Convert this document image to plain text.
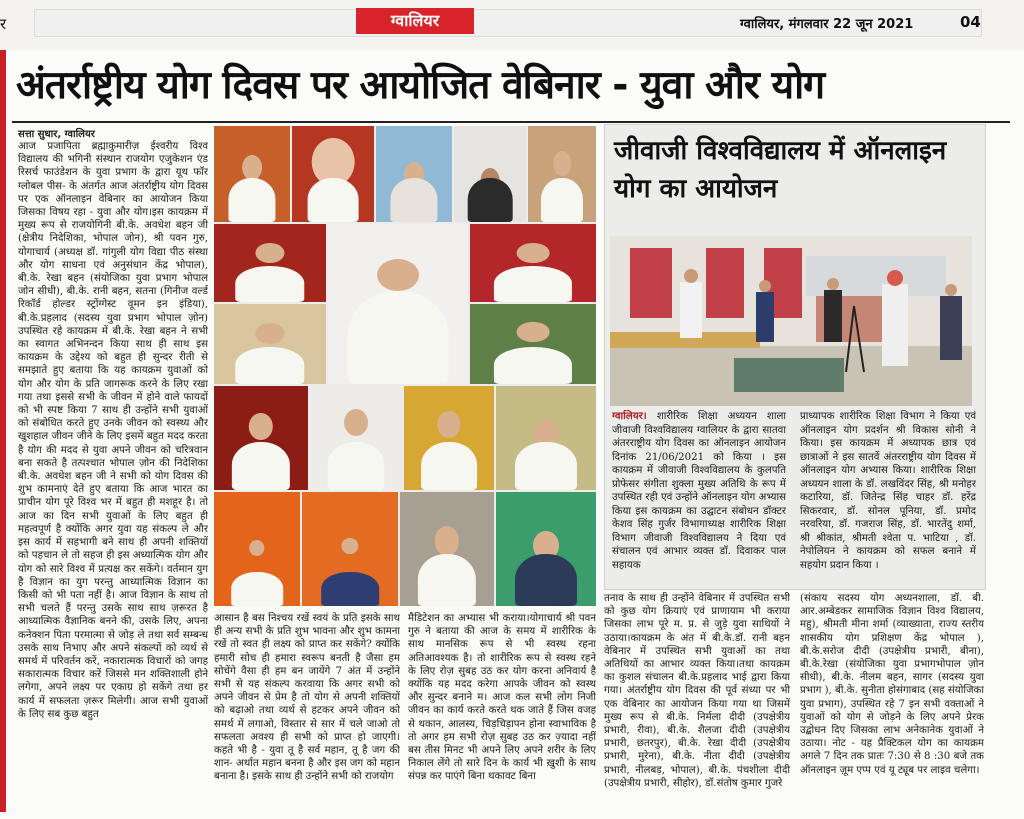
र	ग्वालियर	ग्वालियर, मंगलवार 22 जून 2021	04
अंतर्राष्ट्रीय योग दिवस पर आयोजित वेबिनार - युवा और योग
सत्ता सुधार, ग्वालियर
आज प्रजापिता ब्रह्माकुमारीज़ ईश्वरीय विश्व विद्यालय की भगिनी संस्थान राजयोग एजुकेशन एंड रिसर्च फाउंडेशन के युवा प्रभाग के द्वारा यूथ फॉर ग्लोबल पीस- के अंतर्गत आज अंतर्राष्ट्रीय योग दिवस पर एक ऑनलाइन वेबिनार का आयोजन किया जिसका विषय रहा - युवा और योग।इस कायक्रम में मुख्य रूप से राजयोगिनी बी.के. अवधेश बहन जी (क्षेत्रीय निदेशिका, भोपाल जोन), श्री पवन गुरु, योगाचार्य (अध्यक्ष डॉ. गांगुली योग विद्या पीठ संस्था और योग साधना एवं अनुसंधान केंद्र भोपाल), बी.के. रेखा बहन (संयोजिका युवा प्रभाग भोपाल जोन सीधी), बी.के. रानी बहन, सतना (गिनीज वर्ल्ड रिकॉर्ड होल्डर स्ट्रोंग्गेस्ट वूमन इन इंडिया), बी.के.प्रहलाद (सदस्य युवा प्रभाग भोपाल ज़ोन) उपस्थित रहे कायक्रम में बी.के. रेखा बहन ने सभी का स्वागत अभिनन्दन किया साथ ही साथ इस कायक्रम के उद्देश्य को बहुत ही सुन्दर रीती से समझाते हुए बताया कि यह कायक्रम युवाओं को योग और योग के प्रति जागरूक करने के लिए रखा गया तथा इससे सभी के जीवन में होने वाले फायदों को भी स्पष्ट किया 7 साथ ही उन्होंने सभी युवाओं को संबोधित करते हुए उनके जीवन को स्वस्थ्य और खुशहाल जीवन जीने के लिए इसमें बहुत मदद करता है योग की मदद से युवा अपने जीवन को चरित्रवान बना सकते है तत्पश्चात भोपाल ज़ोन की निदेशिका बी.के. अवधेश बहन जी ने सभी को योग दिवस की शुभ कामनाएं देते हुए बताया कि आज भारत का प्राचीन योग पूरे विश्व भर में बहुत ही मशहूर है। तो आज का दिन सभी युवाओं के लिए बहुत ही महत्वपूर्ण है क्योंकि अगर युवा यह संकल्प ले और इस कार्य में सहभागी बने साथ ही अपनी शक्तियों को पहचान ले तो सहज ही इस अध्यात्मिक योग और योग को सारे विश्व में प्रत्यक्ष कर सकेंगे। वर्तमान युग है विज्ञान का युग परन्तु आध्यात्मिक विज्ञान का किसी को भी पता नहीं है। आज विज्ञान के साथ तो सभी चलते हैं परन्तु उसके साथ साथ ज़रूरत है आध्यात्मिक वैज्ञानिक बनने की, उसके लिए, अपना कनेक्शन पिता परमात्मा से जोड़ ले तथा सर्व सम्बन्ध उसके साथ निभाए और अपने संकल्पों को व्यर्थ से समर्थ में परिवर्तन करें, नकारात्मक विचारों को जगह सकारात्मक विचार करें जिससे मन शक्तिशाली होने लगेगा, अपने लक्ष्य पर एकाग्र हो सकेंगे तथा हर कार्य में सफलता ज़रूर मिलेगी। आज सभी युवाओं के लिए सब कुछ बहुत
आसान है बस निश्चय रखें स्वयं के प्रति इसके साथ ही अन्य सभी के प्रति शुभ भावना और शुभ कामना रखें तो स्वत ही लक्ष्य को प्राप्त कर सकेंगे? क्योंकि हमारी सोच ही हमारा स्वरूप बनती है जैसा हम सोचेंगे वैसा ही हम बन जायेंगे 7 अंत में उन्होंने सभी से यह संकल्प करवाया कि अगर सभी को अपने जीवन से प्रेम है तो योग से अपनी शक्तियों को बढ़ाओ तथा व्यर्थ से हटकर अपने जीवन को समर्थ में लगाओ, विस्तार से सार में चले जाओ तो सफलता अवश्य ही सभी को प्राप्त हो जाएगी। कहते भी है - युवा तू है सर्व महान, तू है जग की शान- अर्थात महान बनना है और इस जग को महान बनाना है। इसके साथ ही उन्होंने सभी को राजयोग
मैडिटेशन का अभ्यास भी कराया।योगाचार्य श्री पवन गुरु ने बताया की आज के समय में शारीरिक के साथ मानसिक रूप से भी स्वस्थ रहना अतिआवश्यक है। तो शारीरिक रूप से स्वस्थ रहने के लिए रोज़ सुबह उठ कर योग करना अनिवार्य है क्योंकि यह मदद करेगा आपके जीवन को स्वस्थ और सुन्दर बनाने म। आज कल सभी लोग निजी जीवन का कार्य करते करते थक जाते हैं जिस वजह से थकान, आलस्य, चिड़चिड़ापन होना स्वाभाविक है तो अगर हम सभी रोज़ सुबह उठ कर ज़्यादा नहीं बस तीस मिनट भी अपने लिए अपने शरीर के लिए निकाल लेंगे तो सारे दिन के कार्य भी ख़ुशी के साथ संपन्न कर पाएंगे बिना थकावट बिना
तनाव के साथ ही उन्होंने वेबिनार में उपस्थित सभी को कुछ योग क्रियाएं एवं प्राणायाम भी कराया जिसका लाभ पूरे म. प्र. से जुड़े युवा साथियों ने उठाया।कायक्रम के अंत में बी.के.डॉ. रानी बहन वेबिनार में उपस्थित सभी युवाओं का तथा अतिथियों का आभार व्यक्त किया।तथा कायक्रम का कुशल संचालन बी.के.प्रहलाद भाई द्वारा किया गया। अंतर्राष्ट्रीय योग दिवस की पूर्व संध्या पर भी एक वेबिनार का आयोजन किया गया था जिसमें मुख्य रूप से बी.के. निर्मला दीदी (उपक्षेत्रीय प्रभारी, रीवा), बी.के. शैलजा दीदी (उपक्षेत्रीय प्रभारी, छतरपुर), बी.के. रेखा दीदी (उपक्षेत्रीय प्रभारी, मुरेना), बी.के. नीता दीदी (उपक्षेत्रीय प्रभारी, नीलबड़, भोपाल), बी.के. पंचशीला दीदी (उपक्षेत्रीय प्रभारी, सीहोर), डॉ.संतोष कुमार गुजरे
(संकाय सदस्य योग अध्यनशाला, डॉ. बी. आर.अम्बेडकर सामाजिक विज्ञान विश्व विद्यालय, महु), श्रीमती मीना शर्मा (व्याख्याता, राज्य स्तरीय शासकीय योग प्रशिक्षण केंद्र भोपाल ), बी.के.सरोज दीदी (उपक्षेत्रीय प्रभारी, बीना), बी.के.रेखा (संयोजिका युवा प्रभागभोपाल ज़ोन सीधी), बी.के. नीलम बहन, सागर (सदस्य युवा प्रभाग ), बी.के. सुनीता होसंगाबाद (सह संयोजिका युवा प्रभाग), उपस्थित रहे 7 इन सभी वक्ताओं ने युवाओं को योग से जोड़ने के लिए अपने प्रेरक उद्बोधन दिए जिसका लाभ अनेकानेक युवाओं ने उठाया। नोट - यह प्रैक्टिकल योग का कायक्रम अगले 7 दिन तक प्रातः 7:30 से 8 :30 बजे तक ऑनलाइन ज़ूम एप्प एवं यू ट्यूब पर लाइव चलेगा।
जीवाजी विश्वविद्यालय में ऑनलाइन योग का आयोजन
ग्वालियर। शारीरिक शिक्षा अध्ययन शाला जीवाजी विश्वविद्यालय ग्वालियर के द्वारा सातवा अंतरराष्ट्रीय योग दिवस का ऑनलाइन आयोजन दिनांक 21/06/2021 को किया । इस कायक्रम में जीवाजी विश्वविद्यालय के कुलपति प्रोफेसर संगीता शुक्ला मुख्य अतिथि के रूप में उपस्थित रही एवं उन्होंने ऑनलाइन योग अभ्यास किया इस कायक्रम का उद्घाटन संबोधन डॉक्टर केशव सिंह गुर्जर विभागाध्यक्ष शारीरिक शिक्षा विभाग जीवाजी विश्वविद्यालय ने दिया एवं संचालन एवं आभार व्यक्त डॉ. दिवाकर पाल सहायक
प्राध्यापक शारीरिक शिक्षा विभाग ने किया एवं ऑनलाइन योग प्रदर्शन श्री विकास सोनी ने किया। इस कायक्रम में अध्यापक छात्र एवं छात्राओं ने इस सातवें अंतरराष्ट्रीय योग दिवस में ऑनलाइन योग अभ्यास किया। शारीरिक शिक्षा अध्ययन शाला के डॉ. लखविंदर सिंह, श्री मनोहर कटारिया, डॉ. जितेन्द्र सिंह चाहर डॉ. हरेंद्र सिकरवार, डॉ. सोनल पूनिया, डॉ. प्रमोद नरवरिया, डॉ. गजराज सिंह, डॉ. भारतेंदु शर्मा, श्री श्रीकांत, श्रीमती श्वेता प. भाटिया , डॉ. नेपोलियन ने कायक्रम को सफल बनाने में सहयोग प्रदान किया ।
